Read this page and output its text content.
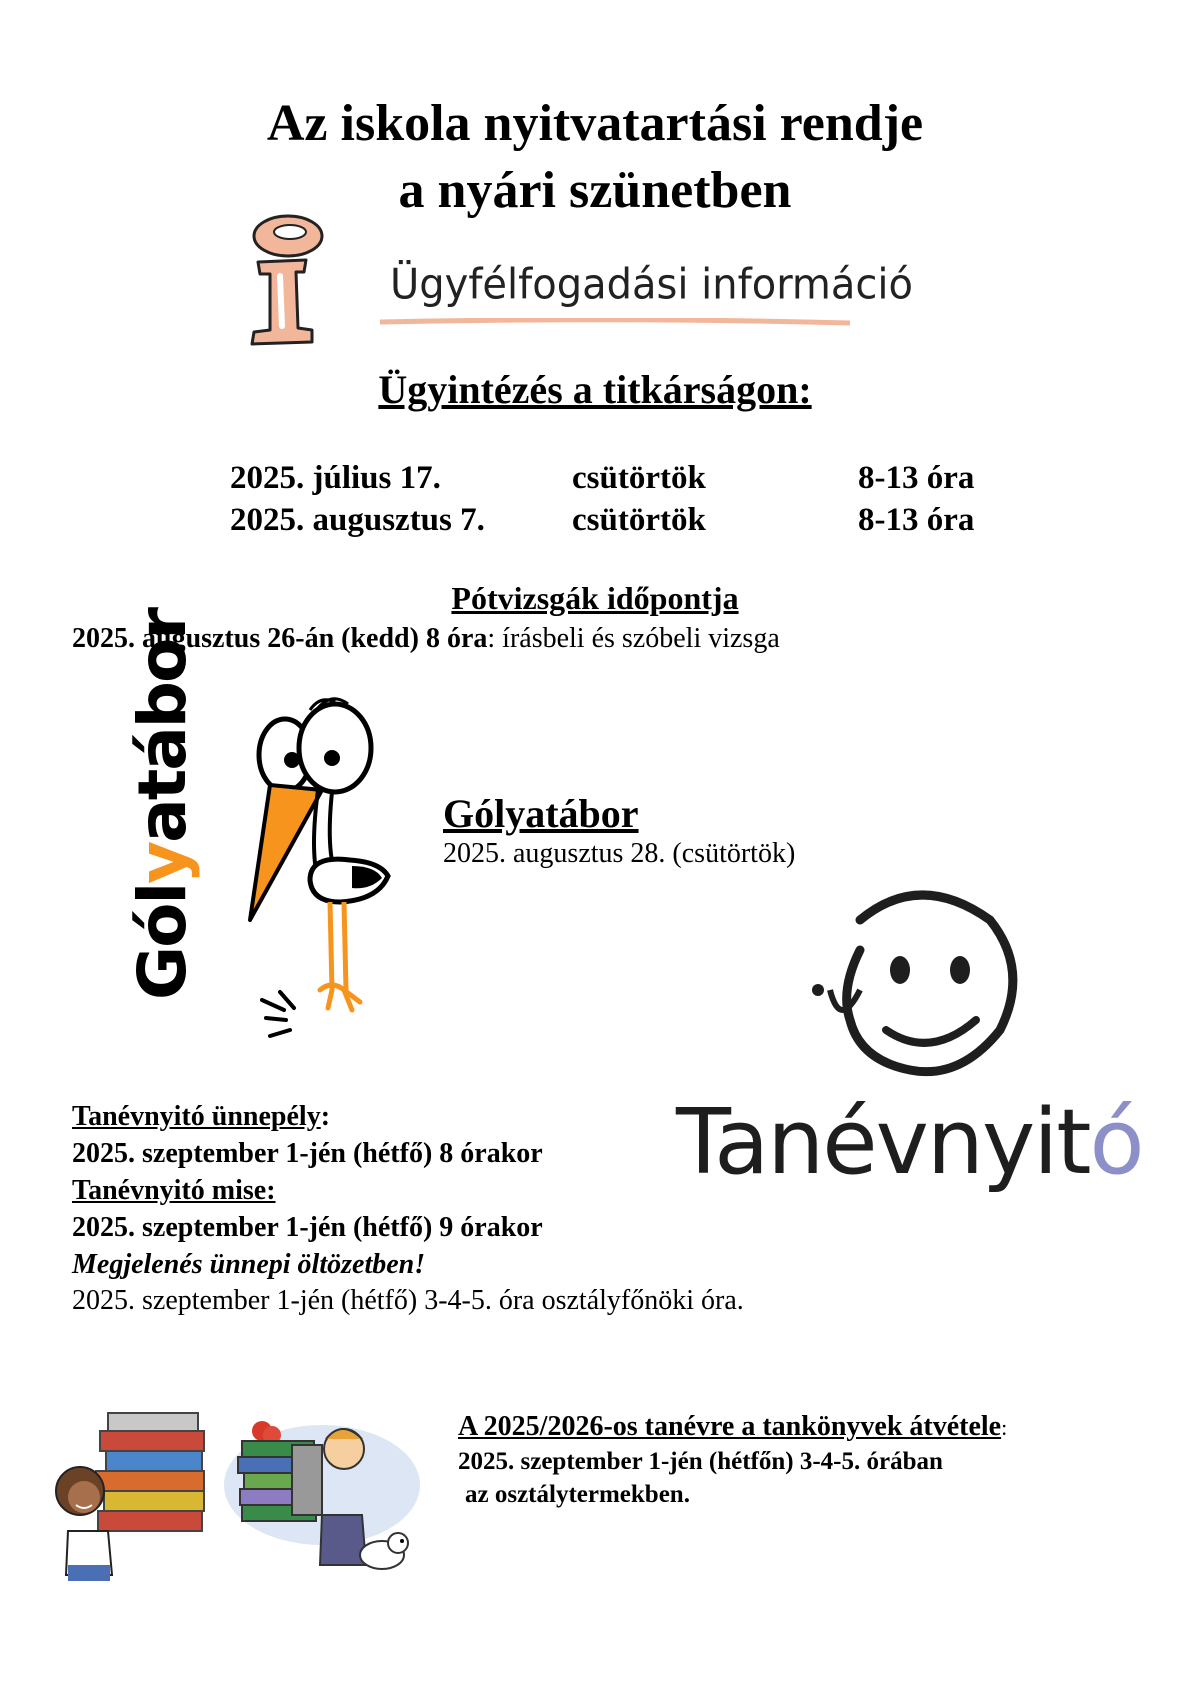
Az iskola nyitvatartási rendje
a nyári szünetben
Ügyfélfogadási információ
Ügyintézés a titkárságon:
2025. július 17.	csütörtök	8-13 óra
2025. augusztus 7.	csütörtök	8-13 óra
Pótvizsgák időpontja
2025. augusztus 26-án (kedd) 8 óra: írásbeli és szóbeli vizsga
Gólyatábor	Gólyatábor
2025. augusztus 28. (csütörtök)
Tanévnyitó
Tanévnyitó ünnepély:
2025. szeptember 1-jén (hétfő) 8 órakor
Tanévnyitó mise:
2025. szeptember 1-jén (hétfő) 9 órakor
Megjelenés ünnepi öltözetben!
2025. szeptember 1-jén (hétfő) 3-4-5. óra osztályfőnöki óra.
A 2025/2026-os tanévre a tankönyvek átvétele:
2025. szeptember 1-jén (hétfőn) 3-4-5. órában
az osztálytermekben.
